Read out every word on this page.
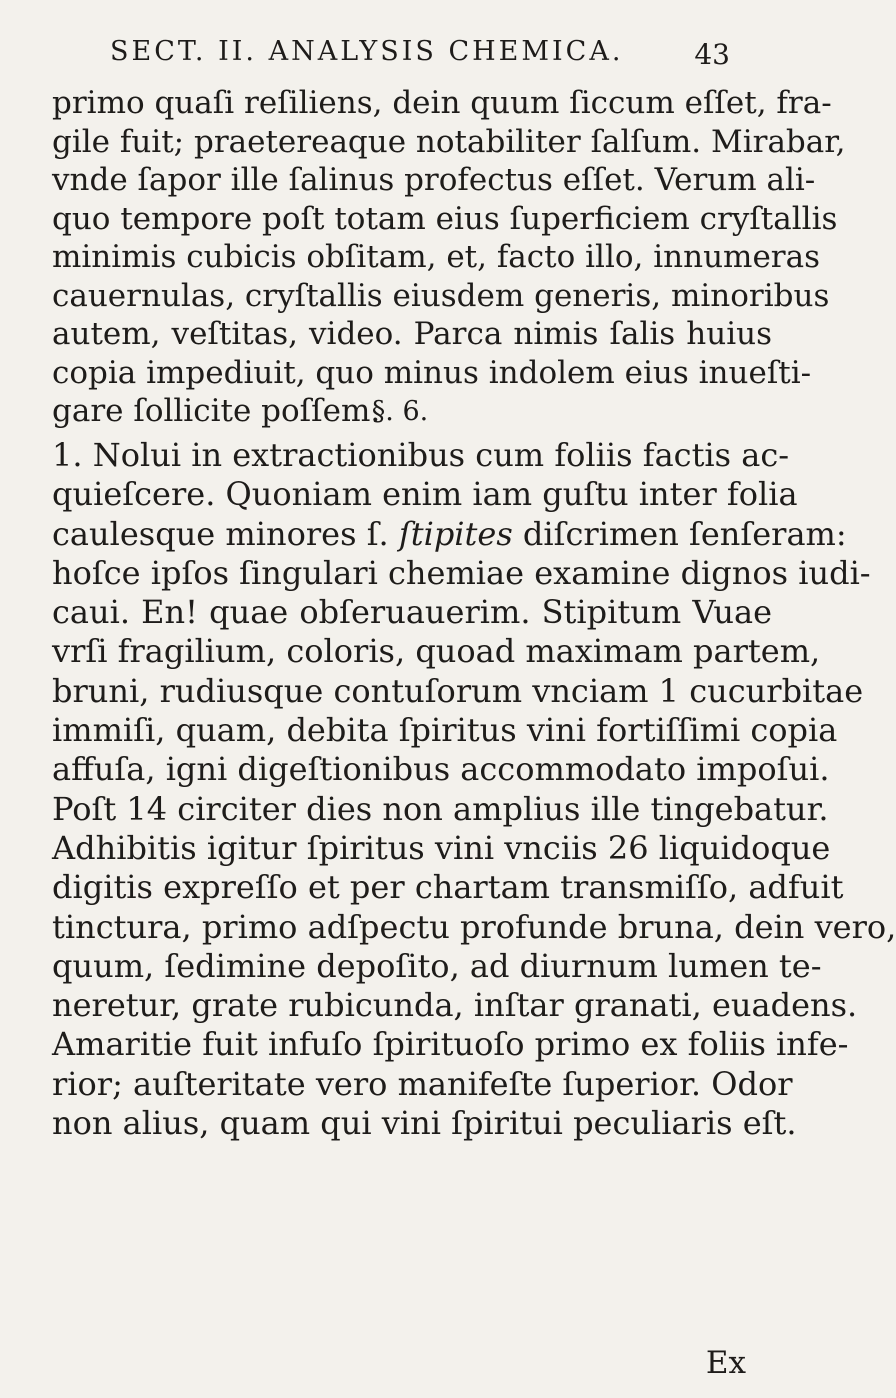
SECT. II. ANALYSIS CHEMICA.	43
primo quaſi reſiliens, dein quum ſiccum eſſet, fra-
gile fuit; praetereaque notabiliter ſalſum. Mirabar,
vnde ſapor ille ſalinus profectus eſſet. Verum ali-
quo tempore poſt totam eius ſuperficiem cryſtallis
minimis cubicis obſitam, et, facto illo, innumeras
cauernulas, cryſtallis eiusdem generis, minoribus
autem, veſtitas, video. Parca nimis ſalis huius
copia impediuit, quo minus indolem eius inueſti-
gare ſollicite poſſem.
§. 6.
1. Nolui in extractionibus cum foliis factis ac-
quieſcere. Quoniam enim iam guſtu inter folia
caulesque minores ſ. ſtipites diſcrimen ſenſeram:
hoſce ipſos ſingulari chemiae examine dignos iudi-
caui. En! quae obſeruauerim. Stipitum Vuae
vrſi fragilium, coloris, quoad maximam partem,
bruni, rudiusque contuſorum vnciam 1 cucurbitae
immiſi, quam, debita ſpiritus vini fortiſſimi copia
affuſa, igni digeſtionibus accommodato impoſui.
Poſt 14 circiter dies non amplius ille tingebatur.
Adhibitis igitur ſpiritus vini vnciis 26 liquidoque
digitis expreſſo et per chartam transmiſſo, adfuit
tinctura, primo adſpectu profunde bruna, dein vero,
quum, ſedimine depoſito, ad diurnum lumen te-
neretur, grate rubicunda, inſtar granati, euadens.
Amaritie fuit infuſo ſpirituoſo primo ex foliis infe-
rior; auſteritate vero manifeſte ſuperior. Odor
non alius, quam qui vini ſpiritui peculiaris eſt.
Ex
